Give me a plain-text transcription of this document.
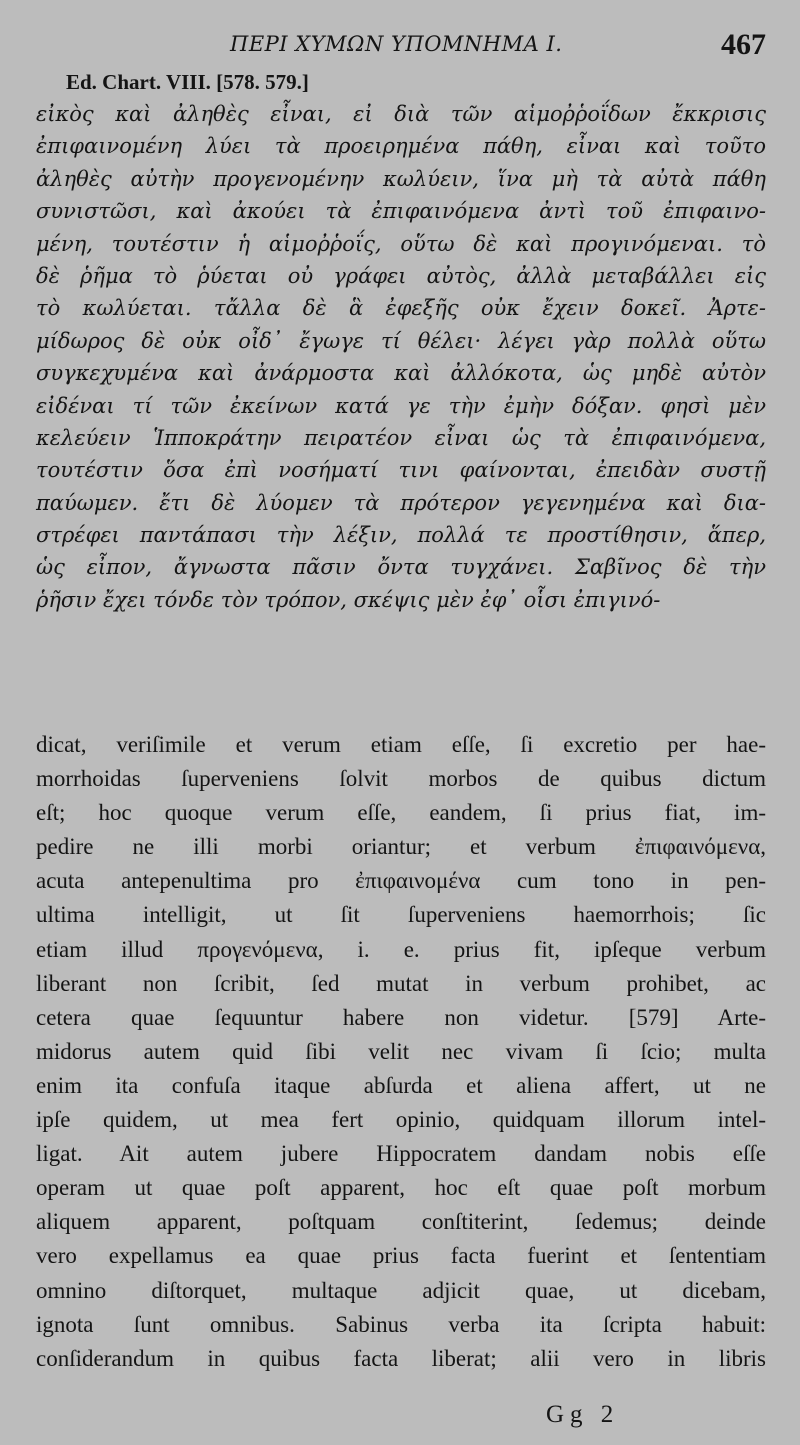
ΠΕΡΙ ΧΥΜΩΝ ΥΠΟΜΝΗΜΑ Ι.	467
Ed. Chart. VIII. [578. 579.]
εἰκὸς καὶ ἀληθὲς εἶναι, εἰ διὰ τῶν αἱμοῤῥοΐδων ἔκκρισις
ἐπιφαινομένη λύει τὰ προειρημένα πάθη, εἶναι καὶ τοῦτο
ἀληθὲς αὐτὴν προγενομένην κωλύειν, ἵνα μὴ τὰ αὐτὰ πάθη
συνιστῶσι, καὶ ἀκούει τὰ ἐπιφαινόμενα ἀντὶ τοῦ ἐπιφαινο-
μένη, τουτέστιν ἡ αἱμοῤῥοΐς, οὕτω δὲ καὶ προγινόμεναι. τὸ
δὲ ῥῆμα τὸ ῥύεται οὐ γράφει αὐτὸς, ἀλλὰ μεταβάλλει εἰς
τὸ κωλύεται. τἄλλα δὲ ἃ ἐφεξῆς οὐκ ἔχειν δοκεῖ. Ἀρτε-
μίδωρος δὲ οὐκ οἶδ᾽ ἔγωγε τί θέλει· λέγει γὰρ πολλὰ οὕτω
συγκεχυμένα καὶ ἀνάρμοστα καὶ ἀλλόκοτα, ὡς μηδὲ αὐτὸν
εἰδέναι τί τῶν ἐκείνων κατά γε τὴν ἐμὴν δόξαν. φησὶ μὲν
κελεύειν Ἱπποκράτην πειρατέον εἶναι ὡς τὰ ἐπιφαινόμενα,
τουτέστιν ὅσα ἐπὶ νοσήματί τινι φαίνονται, ἐπειδὰν συστῇ
παύωμεν. ἔτι δὲ λύομεν τὰ πρότερον γεγενημένα καὶ δια-
στρέφει παντάπασι τὴν λέξιν, πολλά τε προστίθησιν, ἅπερ,
ὡς εἶπον, ἄγνωστα πᾶσιν ὄντα τυγχάνει. Σαβῖνος δὲ τὴν
ῥῆσιν ἔχει τόνδε τὸν τρόπον, σκέψις μὲν ἐφ᾽ οἷσι ἐπιγινό-
dicat, veriſimile et verum etiam eſſe, ſi excretio per hae-
morrhoidas ſuperveniens ſolvit morbos de quibus dictum
eſt; hoc quoque verum eſſe, eandem, ſi prius fiat, im-
pedire ne illi morbi oriantur; et verbum ἐπιφαινόμενα,
acuta antepenultima pro ἐπιφαινομένα cum tono in pen-
ultima intelligit, ut ſit ſuperveniens haemorrhois; ſic
etiam illud προγενόμενα, i. e. prius fit, ipſeque verbum
liberant non ſcribit, ſed mutat in verbum prohibet, ac
cetera quae ſequuntur habere non videtur. [579] Arte-
midorus autem quid ſibi velit nec vivam ſi ſcio; multa
enim ita confuſa itaque abſurda et aliena affert, ut ne
ipſe quidem, ut mea fert opinio, quidquam illorum intel-
ligat. Ait autem jubere Hippocratem dandam nobis eſſe
operam ut quae poſt apparent, hoc eſt quae poſt morbum
aliquem apparent, poſtquam conſtiterint, ſedemus; deinde
vero expellamus ea quae prius facta fuerint et ſententiam
omnino diſtorquet, multaque adjicit quae, ut dicebam,
ignota ſunt omnibus. Sabinus verba ita ſcripta habuit:
conſiderandum in quibus facta liberat; alii vero in libris
Gg 2
